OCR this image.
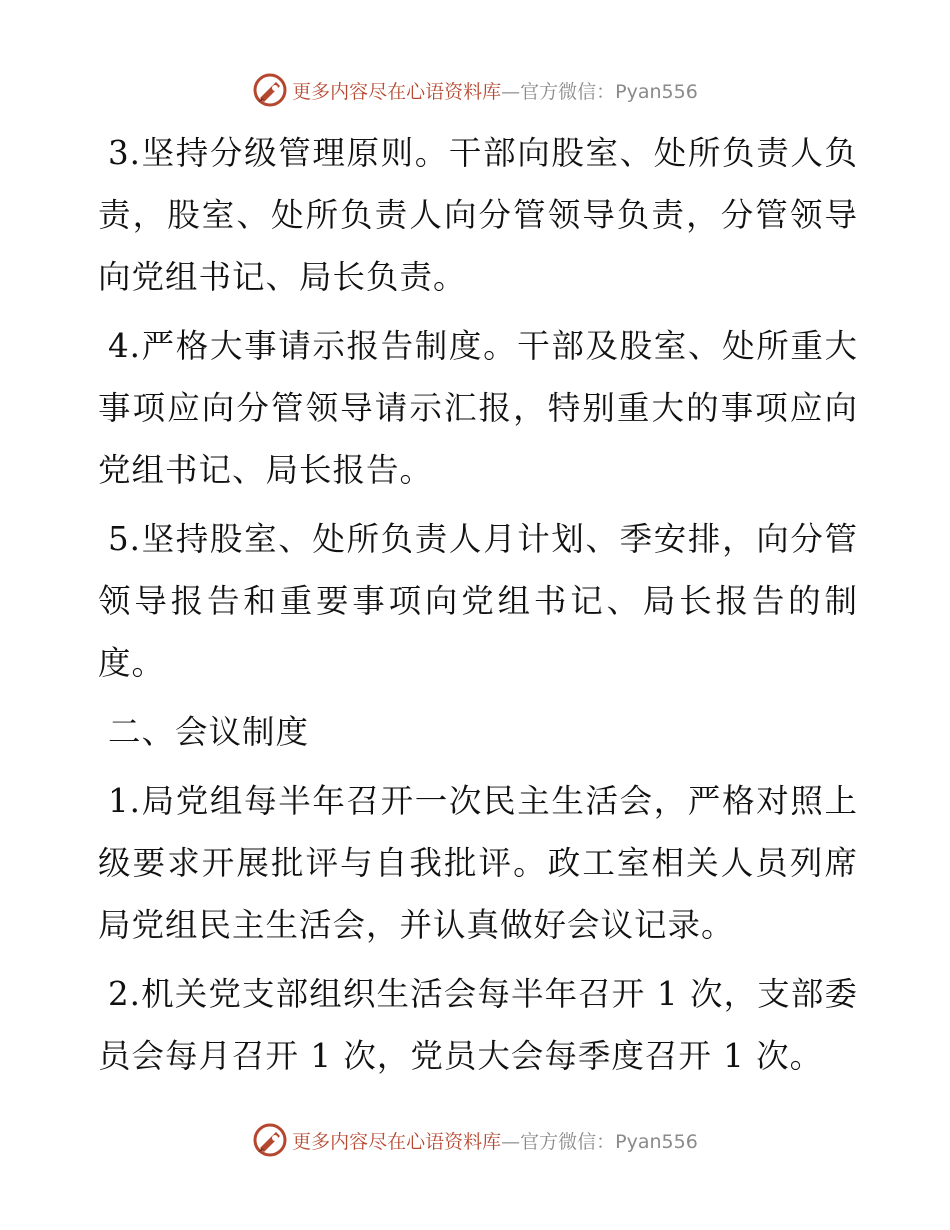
更多内容尽在心语资料库—官方微信：Pyan556

3.坚持分级管理原则。干部向股室、处所负责人负责，股室、处所负责人向分管领导负责，分管领导向党组书记、局长负责。

4.严格大事请示报告制度。干部及股室、处所重大事项应向分管领导请示汇报，特别重大的事项应向党组书记、局长报告。

5.坚持股室、处所负责人月计划、季安排，向分管领导报告和重要事项向党组书记、局长报告的制度。

二、会议制度

1.局党组每半年召开一次民主生活会，严格对照上级要求开展批评与自我批评。政工室相关人员列席局党组民主生活会，并认真做好会议记录。

2.机关党支部组织生活会每半年召开 1 次，支部委员会每月召开 1 次，党员大会每季度召开 1 次。

更多内容尽在心语资料库—官方微信：Pyan556
